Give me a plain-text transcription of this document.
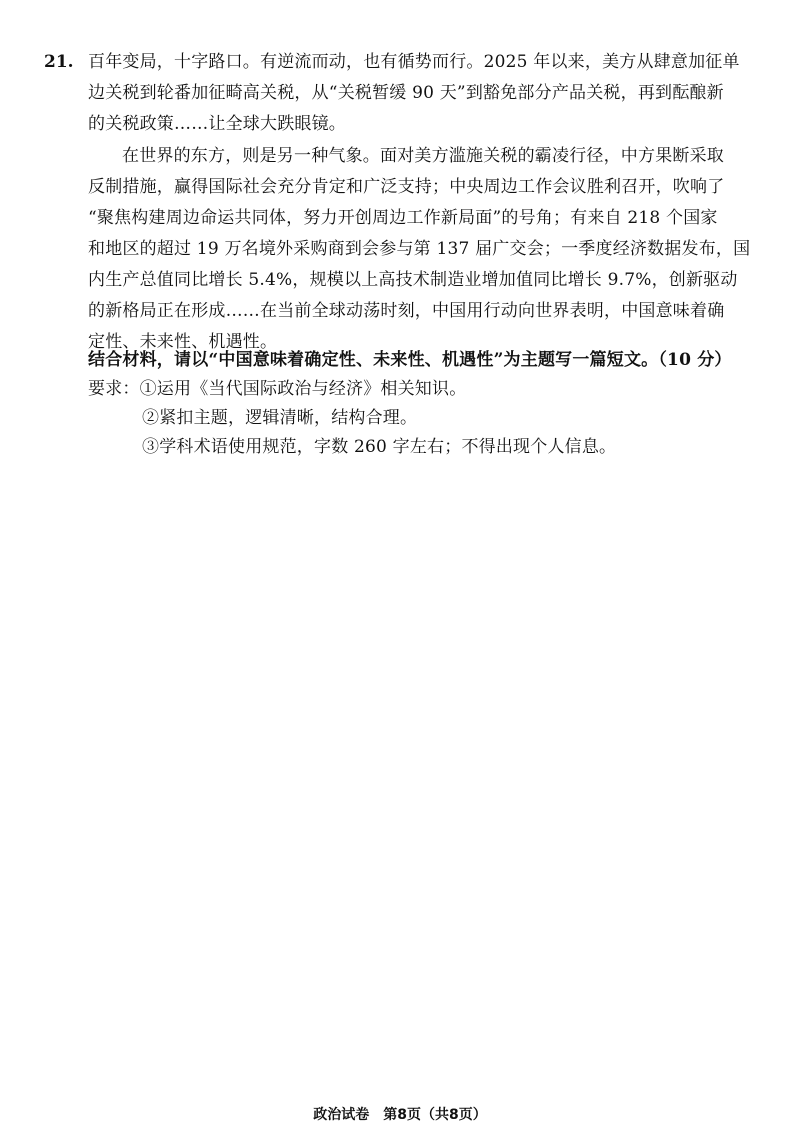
21. 百年变局，十字路口。有逆流而动，也有循势而行。2025 年以来，美方从肆意加征单
边关税到轮番加征畸高关税，从“关税暂缓 90 天”到豁免部分产品关税，再到酝酿新
的关税政策……让全球大跌眼镜。
在世界的东方，则是另一种气象。面对美方滥施关税的霸凌行径，中方果断采取
反制措施，赢得国际社会充分肯定和广泛支持；中央周边工作会议胜利召开，吹响了
“聚焦构建周边命运共同体，努力开创周边工作新局面”的号角；有来自 218 个国家
和地区的超过 19 万名境外采购商到会参与第 137 届广交会；一季度经济数据发布，国
内生产总值同比增长 5.4%，规模以上高技术制造业增加值同比增长 9.7%，创新驱动
的新格局正在形成……在当前全球动荡时刻，中国用行动向世界表明，中国意味着确
定性、未来性、机遇性。
结合材料，请以“中国意味着确定性、未来性、机遇性”为主题写一篇短文。（10 分）
要求：①运用《当代国际政治与经济》相关知识。
②紧扣主题，逻辑清晰，结构合理。
③学科术语使用规范，字数 260 字左右；不得出现个人信息。
政治试卷　第8页（共8页）
